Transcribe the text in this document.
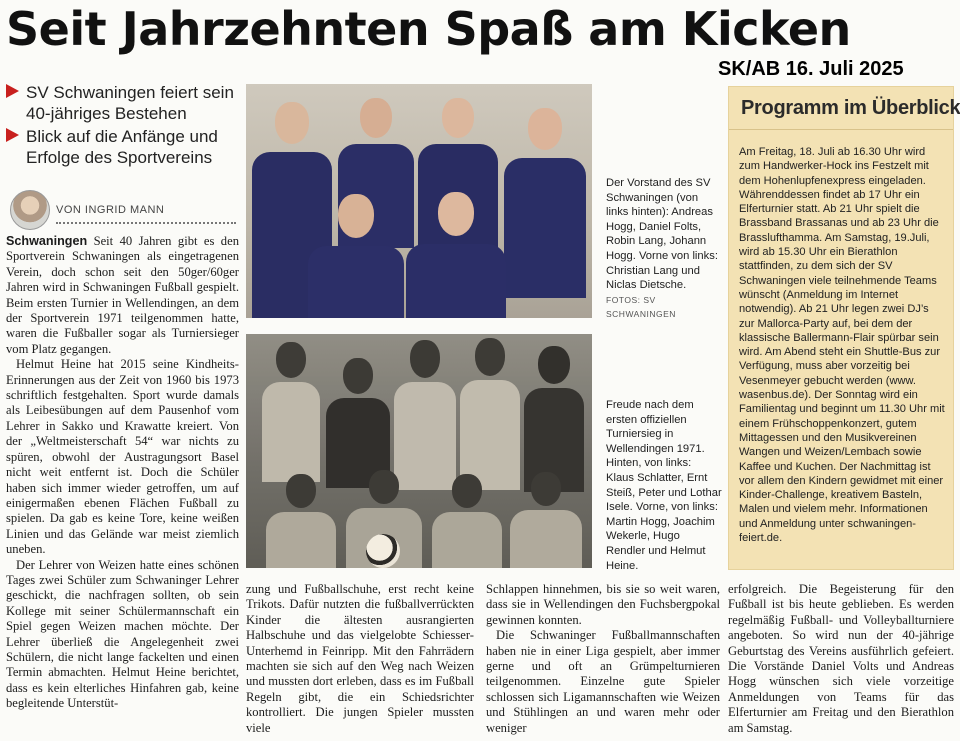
Seit Jahrzehnten Spaß am Kicken
SK/AB 16. Juli 2025
SV Schwaningen feiert sein 40-jähriges Bestehen
Blick auf die Anfänge und Erfolge des Sportvereins
VON INGRID MANN

Schwaningen Seit 40 Jahren gibt es den Sportverein Schwaningen als eingetragenen Verein, doch schon seit den 50ger/60ger Jahren wird in Schwaningen Fußball gespielt. Beim ersten Turnier in Wellendingen, an dem der Sportverein 1971 teilgenommen hatte, waren die Fußballer sogar als Turniersieger vom Platz gegangen.

Helmut Heine hat 2015 seine Kindheits-Erinnerungen aus der Zeit von 1960 bis 1973 schriftlich festgehalten. Sport wurde damals als Leibesübungen auf dem Pausenhof vom Lehrer in Sakko und Krawatte kreiert. Von der „Weltmeisterschaft 54“ war nichts zu spüren, obwohl der Austragungsort Basel nicht weit entfernt ist. Doch die Schüler haben sich immer wieder getroffen, um auf einigermaßen ebenen Flächen Fußball zu spielen. Da gab es keine Tore, keine weißen Linien und das Gelände war meist ziemlich uneben.

Der Lehrer von Weizen hatte eines schönen Tages zwei Schüler zum Schwaninger Lehrer geschickt, die nachfragen sollten, ob sein Kollege mit seiner Schülermannschaft ein Spiel gegen Weizen machen möchte. Der Lehrer überließ die Angelegenheit zwei Schülern, die nicht lange fackelten und einen Termin abmachten. Helmut Heine berichtet, dass es kein elterliches Hinfahren gab, keine begleitende Unterstüt-

Der Vorstand des SV Schwaningen (von links hinten): Andreas Hogg, Daniel Folts, Robin Lang, Johann Hogg. Vorne von links: Christian Lang und Niclas Dietsche. FOTOS: SV SCHWANINGEN
Freude nach dem ersten offiziellen Turniersieg in Wellendingen 1971. Hinten, von links: Klaus Schlatter, Ernt Steiß, Peter und Lothar Isele. Vorne, von links: Martin Hogg, Joachim Wekerle, Hugo Rendler und Helmut Heine.

zung und Fußballschuhe, erst recht keine Trikots. Dafür nutzten die fußballverrückten Kinder die ältesten ausrangierten Halbschuhe und das vielgelobte Schiesser-Unterhemd in Feinripp. Mit den Fahrrädern machten sie sich auf den Weg nach Weizen und mussten dort erleben, dass es im Fußball Regeln gibt, die ein Schiedsrichter kontrolliert. Die jungen Spieler mussten viele

Schlappen hinnehmen, bis sie so weit waren, dass sie in Wellendingen den Fuchsbergpokal gewinnen konnten.

Die Schwaninger Fußballmannschaften haben nie in einer Liga gespielt, aber immer gerne und oft an Grümpelturnieren teilgenommen. Einzelne gute Spieler schlossen sich Ligamannschaften wie Weizen und Stühlingen an und waren mehr oder weniger

erfolgreich. Die Begeisterung für den Fußball ist bis heute geblieben. Es werden regelmäßig Fußball- und Volleyballturniere angeboten. So wird nun der 40-jährige Geburtstag des Vereins ausführlich gefeiert. Die Vorstände Daniel Volts und Andreas Hogg wünschen sich viele vorzeitige Anmeldungen von Teams für das Elferturnier am Freitag und den Bierathlon am Samstag.

Programm im Überblick
Am Freitag, 18. Juli ab 16.30 Uhr wird zum Handwerker-Hock ins Festzelt mit dem Hohenlupfenexpress eingeladen. Währenddessen findet ab 17 Uhr ein Elferturnier statt. Ab 21 Uhr spielt die Brassband Brassanas und ab 23 Uhr die Brasslufthamma. Am Samstag, 19.Juli, wird ab 15.30 Uhr ein Bierathlon stattfinden, zu dem sich der SV Schwaningen viele teilnehmende Teams wünscht (Anmeldung im Internet notwendig). Ab 21 Uhr legen zwei DJ’s zur Mallorca-Party auf, bei dem der klassische Ballermann-Flair spürbar sein wird. Am Abend steht ein Shuttle-Bus zur Verfügung, muss aber vorzeitig bei Vesenmeyer gebucht werden (www. wasenbus.de). Der Sonntag wird ein Familientag und beginnt um 11.30 Uhr mit einem Frühschoppenkonzert, gutem Mittagessen und den Musikvereinen Wangen und Weizen/Lembach sowie Kaffee und Kuchen. Der Nachmittag ist vor allem den Kindern gewidmet mit einer Kinder-Challenge, kreativem Basteln, Malen und vielem mehr. Informationen und Anmeldung unter schwaningen-feiert.de.
